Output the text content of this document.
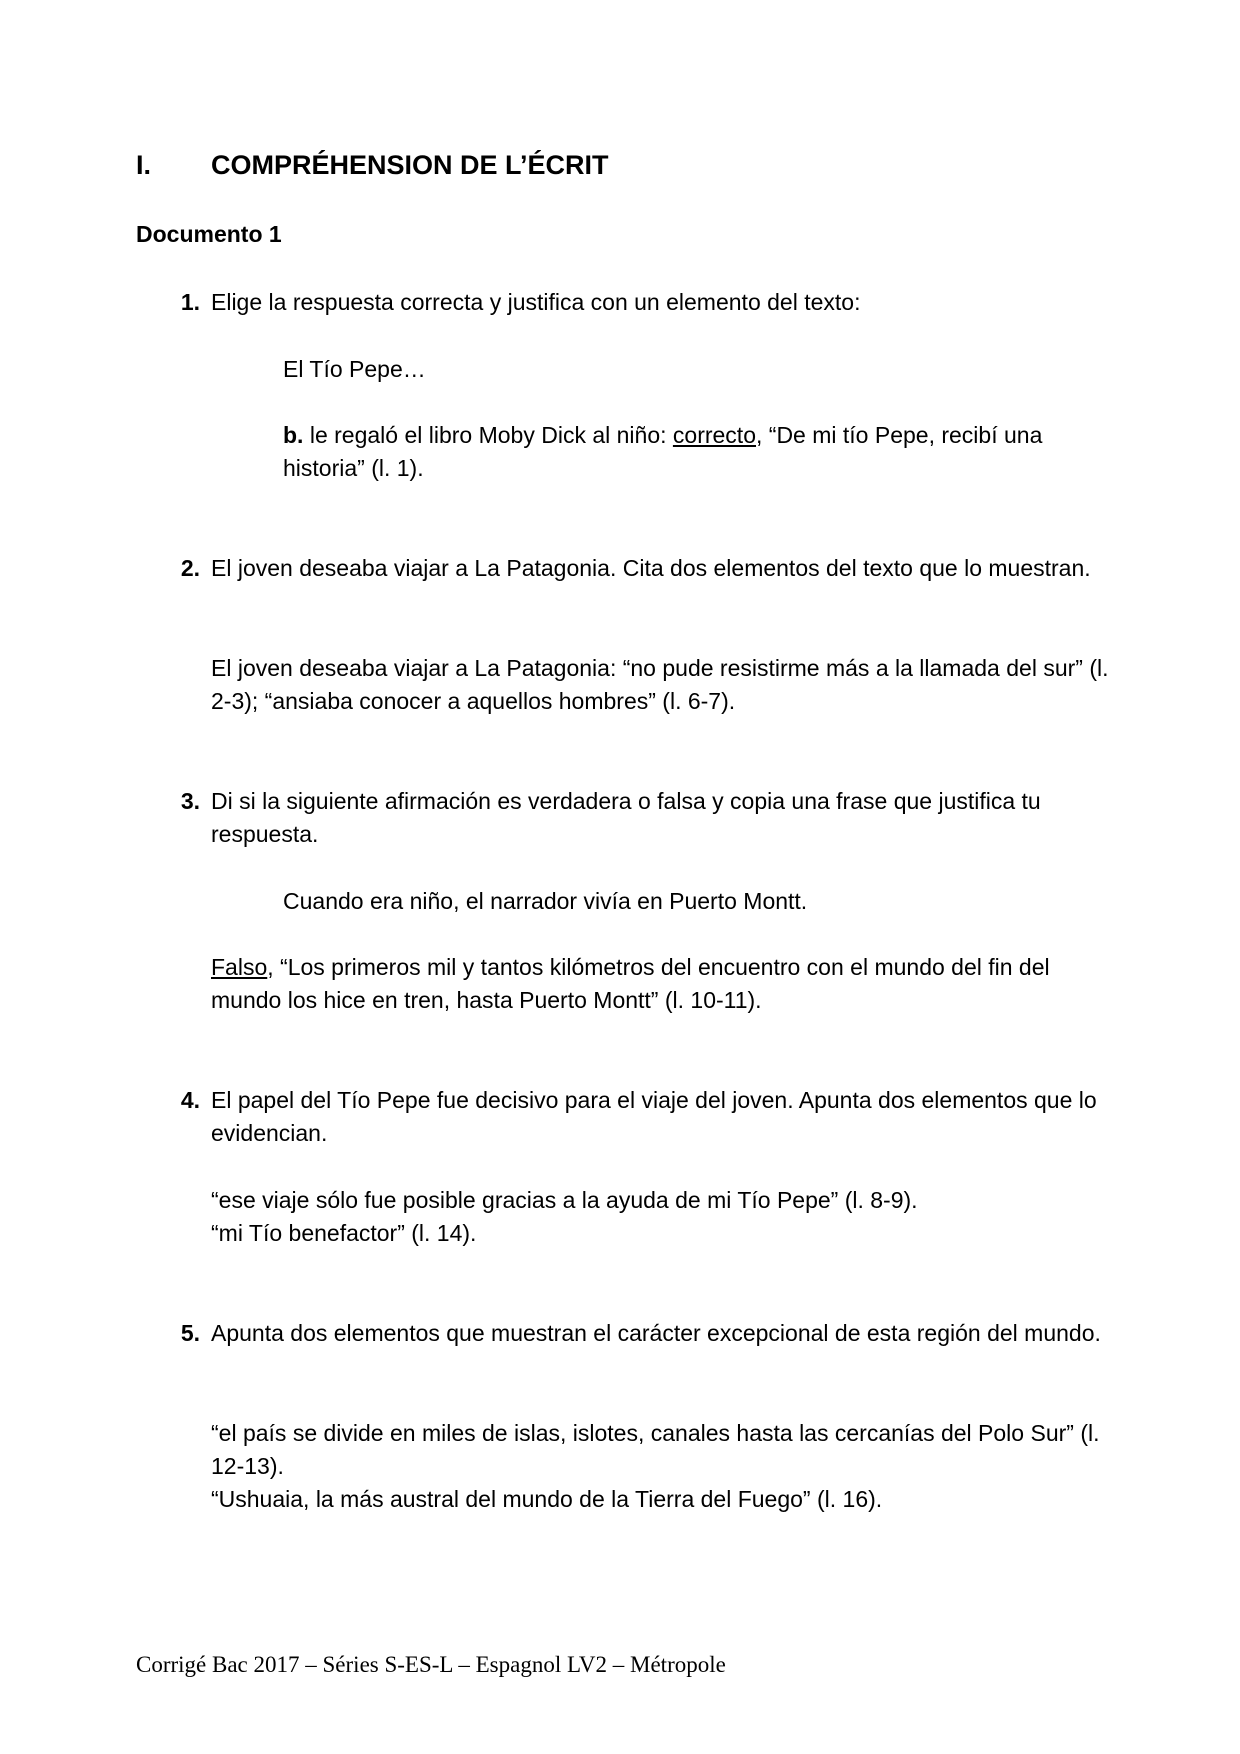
I. COMPRÉHENSION DE L’ÉCRIT

Documento 1

1. Elige la respuesta correcta y justifica con un elemento del texto:

El Tío Pepe…

b. le regaló el libro Moby Dick al niño: correcto, “De mi tío Pepe, recibí una historia” (l. 1).

2. El joven deseaba viajar a La Patagonia. Cita dos elementos del texto que lo muestran.

El joven deseaba viajar a La Patagonia: “no pude resistirme más a la llamada del sur” (l. 2-3); “ansiaba conocer a aquellos hombres” (l. 6-7).

3. Di si la siguiente afirmación es verdadera o falsa y copia una frase que justifica tu respuesta.

Cuando era niño, el narrador vivía en Puerto Montt.

Falso, “Los primeros mil y tantos kilómetros del encuentro con el mundo del fin del mundo los hice en tren, hasta Puerto Montt” (l. 10-11).

4. El papel del Tío Pepe fue decisivo para el viaje del joven. Apunta dos elementos que lo evidencian.

“ese viaje sólo fue posible gracias a la ayuda de mi Tío Pepe” (l. 8-9).

“mi Tío benefactor” (l. 14).

5. Apunta dos elementos que muestran el carácter excepcional de esta región del mundo.

“el país se divide en miles de islas, islotes, canales hasta las cercanías del Polo Sur” (l. 12-13).

“Ushuaia, la más austral del mundo de la Tierra del Fuego” (l. 16).

Corrigé Bac 2017 – Séries S-ES-L – Espagnol LV2 – Métropole
